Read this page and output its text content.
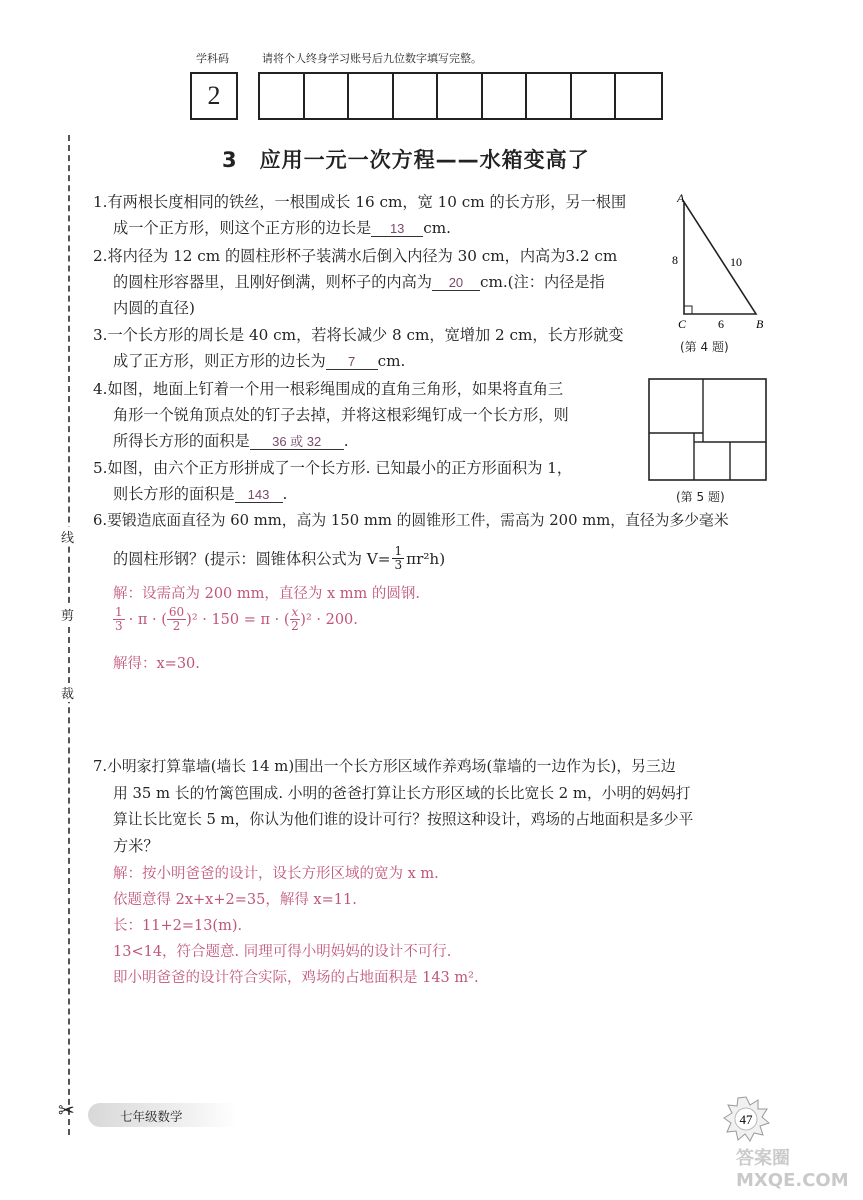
学科码	请将个人终身学习账号后九位数字填写完整。
2
3　应用一元一次方程——水箱变高了
线
剪
裁
✂
1.有两根长度相同的铁丝，一根围成长 16 cm，宽 10 cm 的长方形，另一根围
成一个正方形，则这个正方形的边长是 13 cm.
2.将内径为 12 cm 的圆柱形杯子装满水后倒入内径为 30 cm，内高为3.2 cm
的圆柱形容器里，且刚好倒满，则杯子的内高为 20 cm.(注：内径是指
内圆的直径)
3.一个长方形的周长是 40 cm，若将长减少 8 cm，宽增加 2 cm，长方形就变
成了正方形，则正方形的边长为 7 cm.
4.如图，地面上钉着一个用一根彩绳围成的直角三角形，如果将直角三
角形一个锐角顶点处的钉子去掉，并将这根彩绳钉成一个长方形，则
所得长方形的面积是 36 或 32 .
5.如图，由六个正方形拼成了一个长方形. 已知最小的正方形面积为 1，
则长方形的面积是 143 .
6.要锻造底面直径为 60 mm，高为 150 mm 的圆锥形工件，需高为 200 mm，直径为多少毫米
的圆柱形钢？(提示：圆锥体积公式为 $V= \frac{1}{3} \pi r^2h$)
解：设需高为 200 mm，直径为 x mm 的圆钢.
$\frac{1}{3} \cdot \pi$ · ( $\frac{60}{2} )^2 \cdot 150 = \pi$ · ( $\frac{x}{2} )^2 \cdot 200$.
解得：x=30.
7.小明家打算靠墙(墙长 14 m)围出一个长方形区域作养鸡场(靠墙的一边作为长)，另三边
用 35 m 长的竹篱笆围成. 小明的爸爸打算让长方形区域的长比宽长 2 m，小明的妈妈打
算让长比宽长 5 m，你认为他们谁的设计可行？按照这种设计，鸡场的占地面积是多少平
方米？
解：按小明爸爸的设计，设长方形区域的宽为 x m.
依题意得 2x+x+2=35，解得 x=11.
长：11+2=13(m).
13<14，符合题意. 同理可得小明妈妈的设计不可行.
即小明爸爸的设计符合实际，鸡场的占地面积是 143 m².
A
C	B
8	10
6
(第 4 题)
(第 5 题)
七年级数学	47
答案圈 MXQE.COM
